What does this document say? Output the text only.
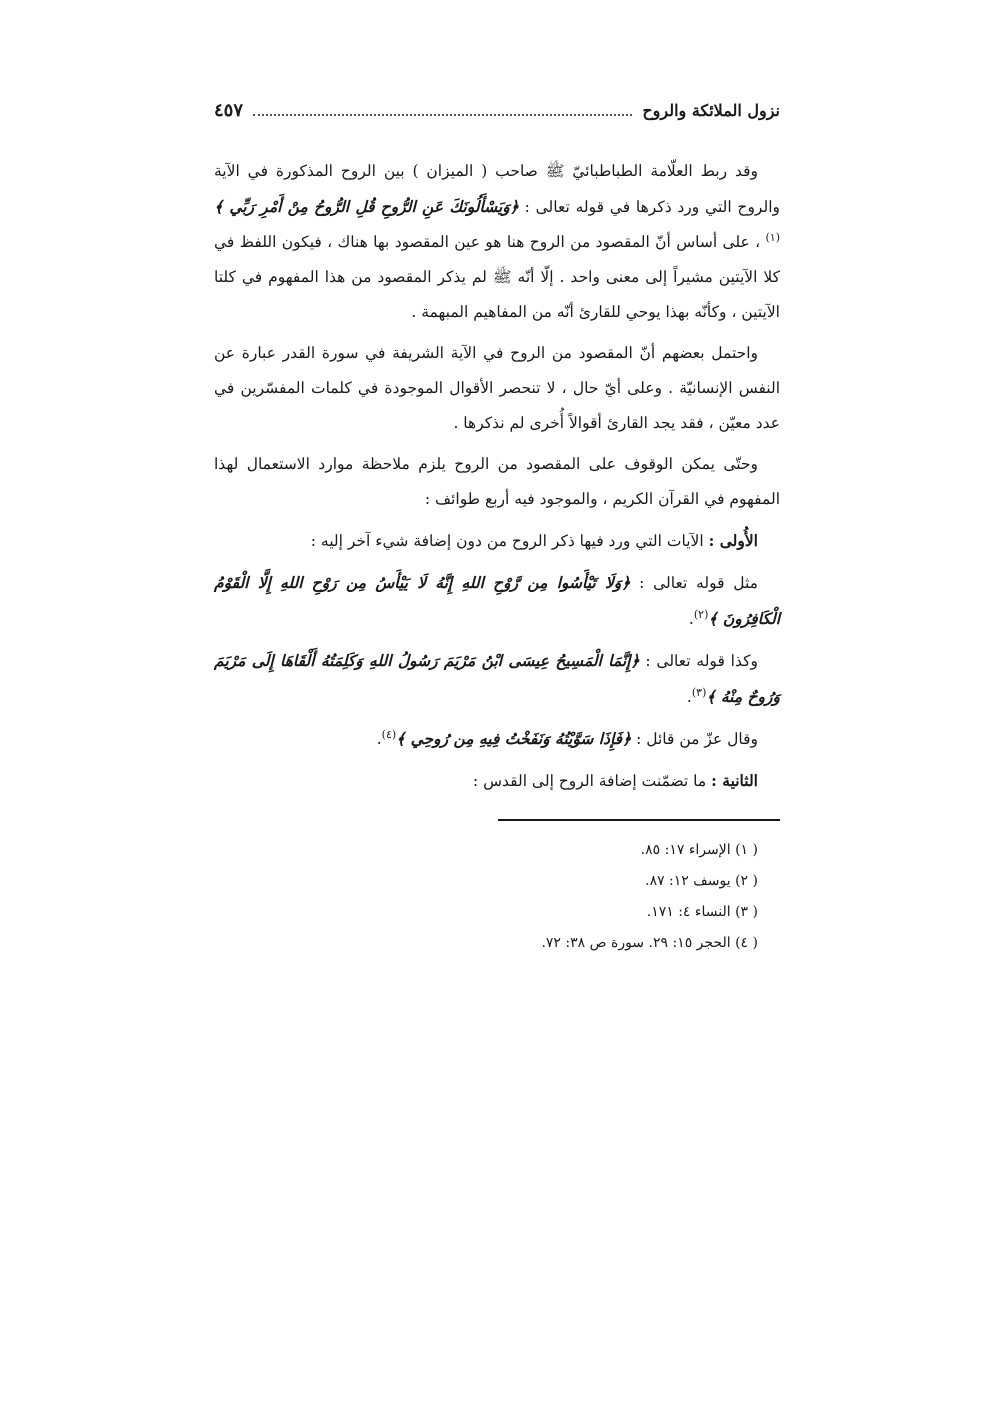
نزول الملائكة والروح
٤٥٧

وقد ربط العلّامة الطباطبائيّ ﷺ صاحب ( الميزان ) بين الروح المذكورة في الآية والروح التي ورد ذكرها في قوله تعالى : ﴿وَيَسْأَلُونَكَ عَنِ الرُّوحِ قُلِ الرُّوحُ مِنْ أَمْرِ رَبِّي ﴾$^{(١)}$ ، على أساس أنّ المقصود من الروح هنا هو عين المقصود بها هناك ، فيكون اللفظ في كلا الآيتين مشيراً إلى معنى واحد . إلّا أنّه ﷺ لم يذكر المقصود من هذا المفهوم في كلتا الآيتين ، وكأنّه بهذا يوحي للقارئ أنّه من المفاهيم المبهمة .

واحتمل بعضهم أنّ المقصود من الروح في الآية الشريفة في سورة القدر عبارة عن النفس الإنسانيّة . وعلى أيّ حال ، لا تنحصر الأقوال الموجودة في كلمات المفسّرين في عدد معيّن ، فقد يجد القارئ أقوالاً أُخرى لم نذكرها .

وحتّى يمكن الوقوف على المقصود من الروح يلزم ملاحظة موارد الاستعمال لهذا المفهوم في القرآن الكريم ، والموجود فيه أربع طوائف :

الأُولى : الآيات التي ورد فيها ذكر الروح من دون إضافة شيء آخر إليه :

مثل قوله تعالى : ﴿وَلَا تَيْأَسُوا مِن رَّوْحِ اللهِ إِنَّهُ لَا يَيْأَسُ مِن رَوْحِ اللهِ إِلَّا الْقَوْمُ الْكَافِرُونَ ﴾$^{(٢)}$.

وكذا قوله تعالى : ﴿إِنَّمَا الْمَسِيحُ عِيسَى ابْنُ مَرْيَمَ رَسُولُ اللهِ وَكَلِمَتُهُ أَلْقَاهَا إِلَى مَرْيَمَ وَرُوحٌ مِنْهُ ﴾$^{(٣)}$.

وقال عزّ من قائل : ﴿فَإِذَا سَوَّيْتُهُ وَنَفَخْتُ فِيهِ مِن رُوحِي ﴾$^{(٤)}$.

الثانية : ما تضمّنت إضافة الروح إلى القدس :

( ١) الإسراء ١٧: ٨٥.
( ٢) يوسف ١٢: ٨٧.
( ٣) النساء ٤: ١٧١.
( ٤) الحجر ١٥: ٢٩. سورة ص ٣٨: ٧٢.
